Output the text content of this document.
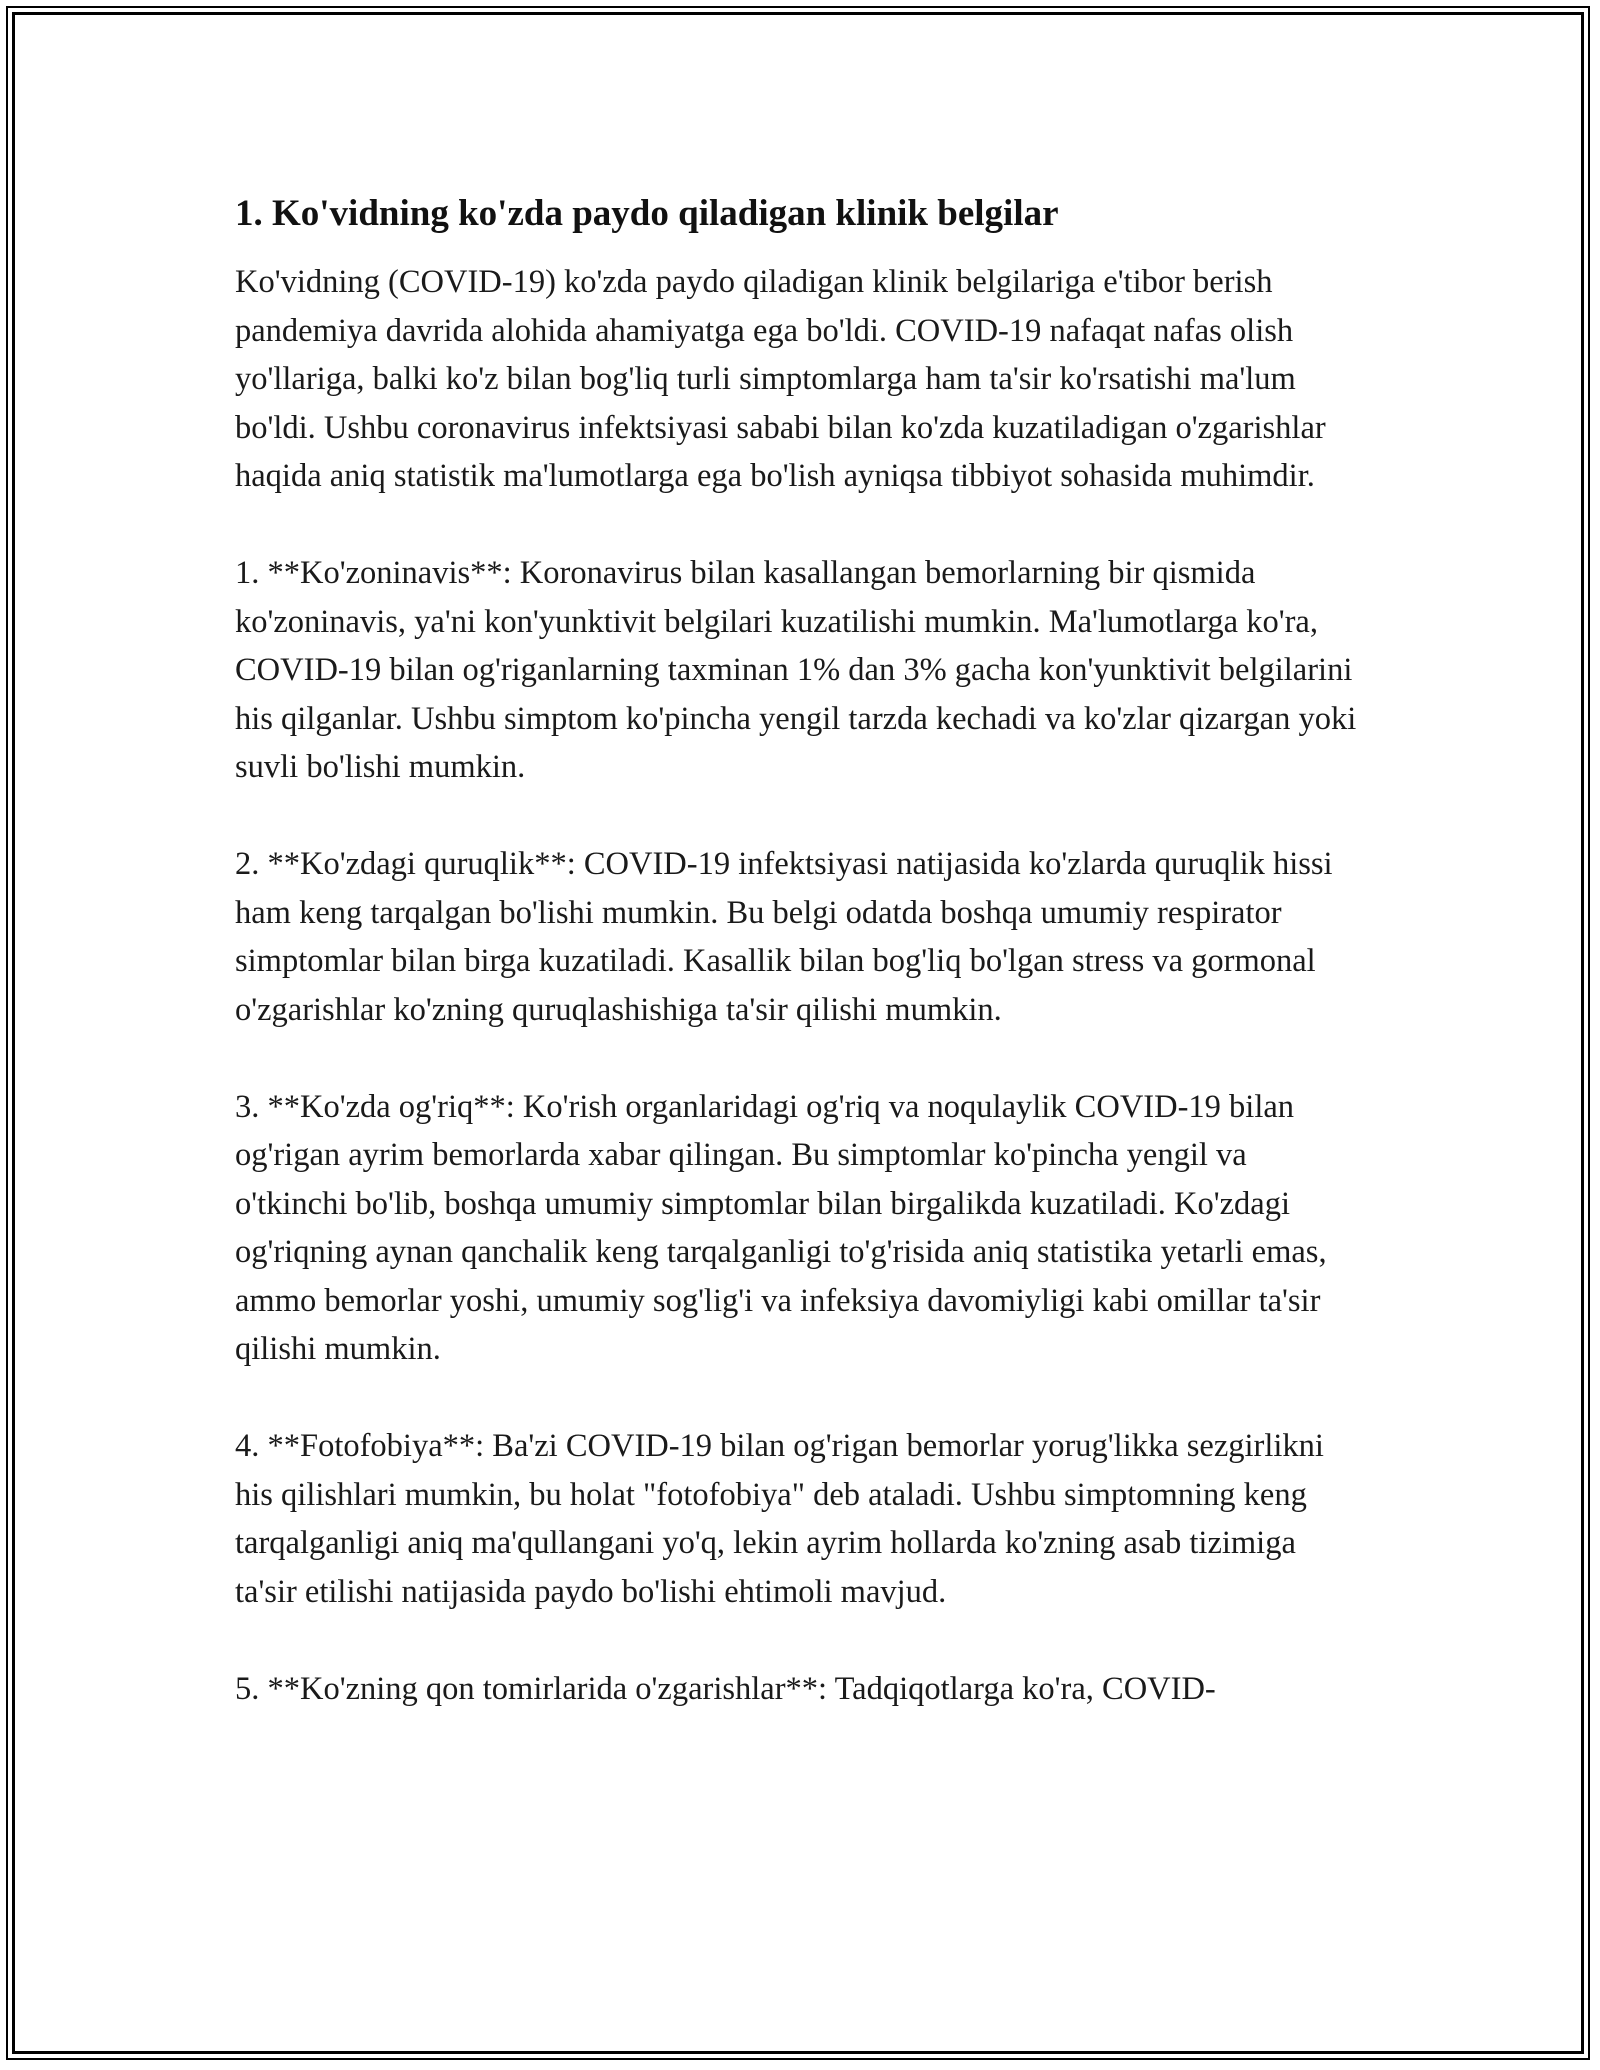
1. Ko'vidning ko'zda paydo qiladigan klinik belgilar

Ko'vidning (COVID-19) ko'zda paydo qiladigan klinik belgilariga e'tibor berish pandemiya davrida alohida ahamiyatga ega bo'ldi. COVID-19 nafaqat nafas olish yo'llariga, balki ko'z bilan bog'liq turli simptomlarga ham ta'sir ko'rsatishi ma'lum bo'ldi. Ushbu coronavirus infektsiyasi sababi bilan ko'zda kuzatiladigan o'zgarishlar haqida aniq statistik ma'lumotlarga ega bo'lish ayniqsa tibbiyot sohasida muhimdir.

1. **Ko'zoninavis**: Koronavirus bilan kasallangan bemorlarning bir qismida ko'zoninavis, ya'ni kon'yunktivit belgilari kuzatilishi mumkin. Ma'lumotlarga ko'ra, COVID-19 bilan og'riganlarning taxminan 1% dan 3% gacha kon'yunktivit belgilarini his qilganlar. Ushbu simptom ko'pincha yengil tarzda kechadi va ko'zlar qizargan yoki suvli bo'lishi mumkin.

2. **Ko'zdagi quruqlik**: COVID-19 infektsiyasi natijasida ko'zlarda quruqlik hissi ham keng tarqalgan bo'lishi mumkin. Bu belgi odatda boshqa umumiy respirator simptomlar bilan birga kuzatiladi. Kasallik bilan bog'liq bo'lgan stress va gormonal o'zgarishlar ko'zning quruqlashishiga ta'sir qilishi mumkin.

3. **Ko'zda og'riq**: Ko'rish organlaridagi og'riq va noqulaylik COVID-19 bilan og'rigan ayrim bemorlarda xabar qilingan. Bu simptomlar ko'pincha yengil va o'tkinchi bo'lib, boshqa umumiy simptomlar bilan birgalikda kuzatiladi. Ko'zdagi og'riqning aynan qanchalik keng tarqalganligi to'g'risida aniq statistika yetarli emas, ammo bemorlar yoshi, umumiy sog'lig'i va infeksiya davomiyligi kabi omillar ta'sir qilishi mumkin.

4. **Fotofobiya**: Ba'zi COVID-19 bilan og'rigan bemorlar yorug'likka sezgirlikni his qilishlari mumkin, bu holat "fotofobiya" deb ataladi. Ushbu simptomning keng tarqalganligi aniq ma'qullangani yo'q, lekin ayrim hollarda ko'zning asab tizimiga ta'sir etilishi natijasida paydo bo'lishi ehtimoli mavjud.

5. **Ko'zning qon tomirlarida o'zgarishlar**: Tadqiqotlarga ko'ra, COVID-
